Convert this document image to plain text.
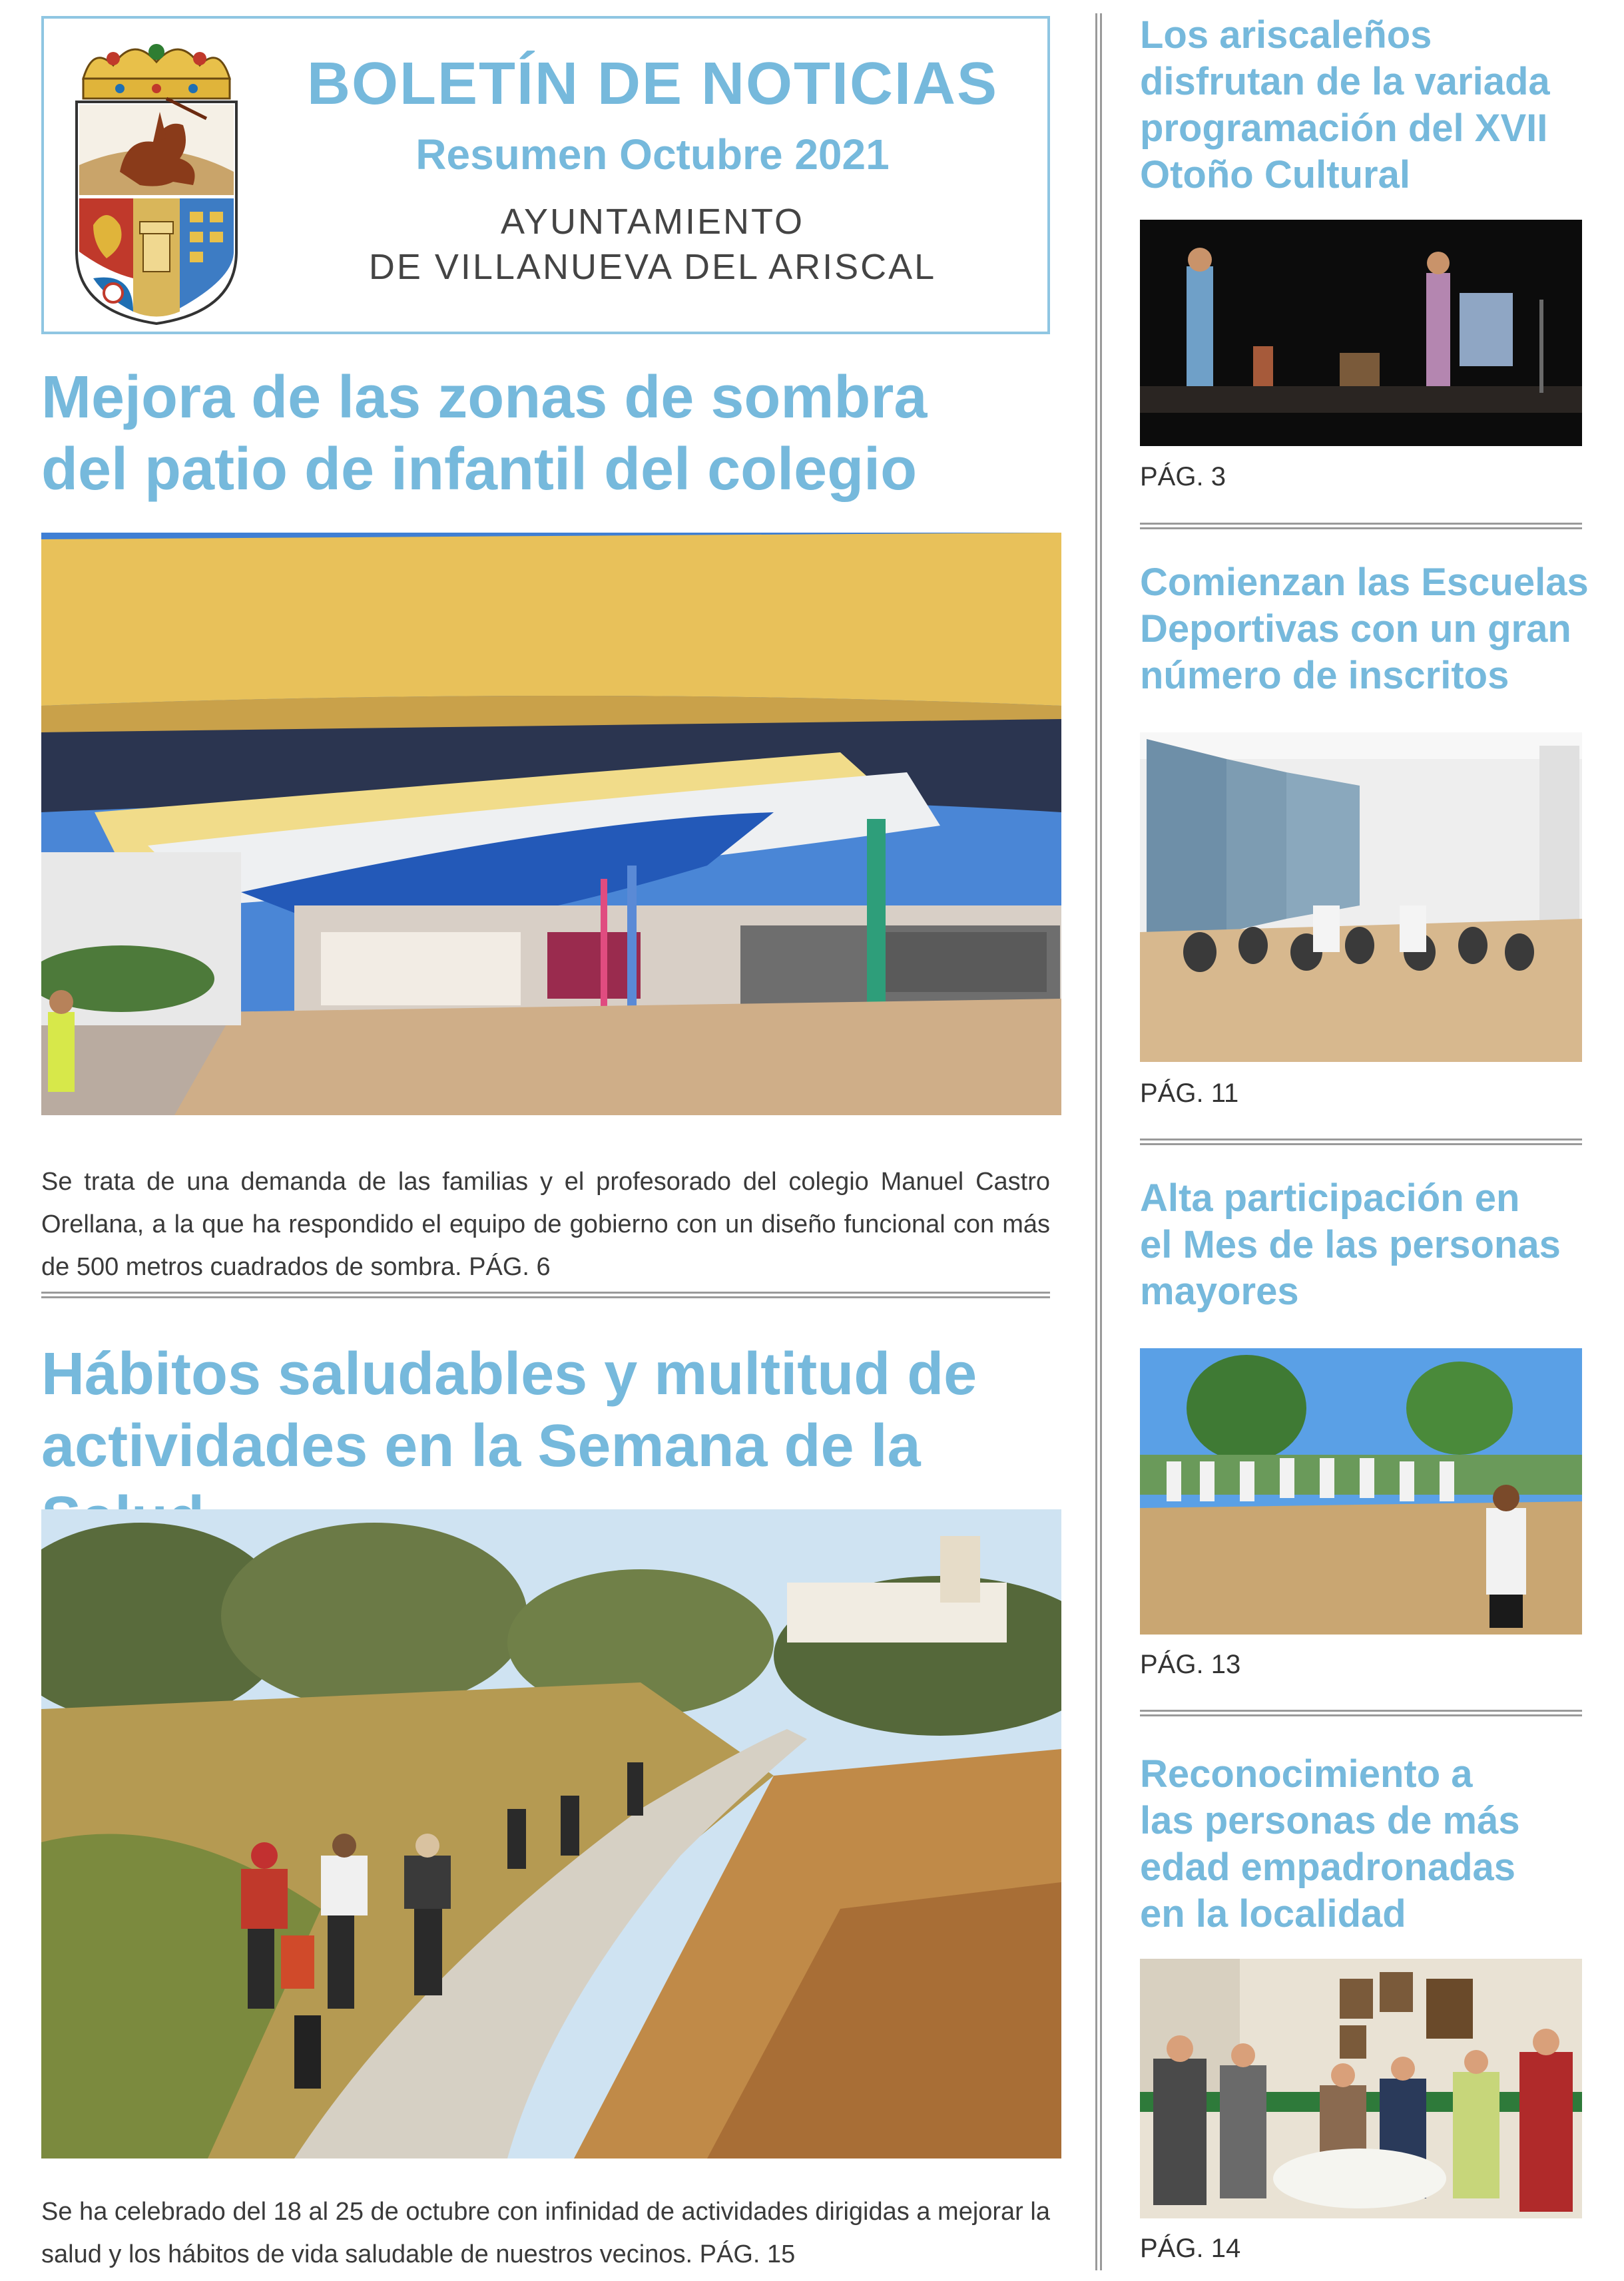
BOLETÍN DE NOTICIAS
Resumen Octubre 2021
AYUNTAMIENTO
DE VILLANUEVA DEL ARISCAL
Mejora de las zonas de sombra
del patio de infantil del colegio
Se trata de una demanda de las familias y el profesorado del colegio Manuel Castro Orellana, a la que ha respondido el equipo de gobierno con un diseño funcional con más de 500 metros cuadrados de sombra. PÁG. 6
Hábitos saludables y multitud de
actividades en la Semana de la
Se ha celebrado del 18 al 25 de octubre con infinidad de actividades dirigidas a mejorar la salud y los hábitos de vida saludable de nuestros vecinos. PÁG. 15
Los ariscaleños
disfrutan de la variada
programación del XVII
Otoño Cultural
PÁG. 3
Comienzan las Escuelas
Deportivas con un gran
número de inscritos
PÁG. 11
Alta participación en
el Mes de las personas
mayores
PÁG. 13
Reconocimiento a
las personas de más
edad empadronadas
en la localidad
PÁG. 14
